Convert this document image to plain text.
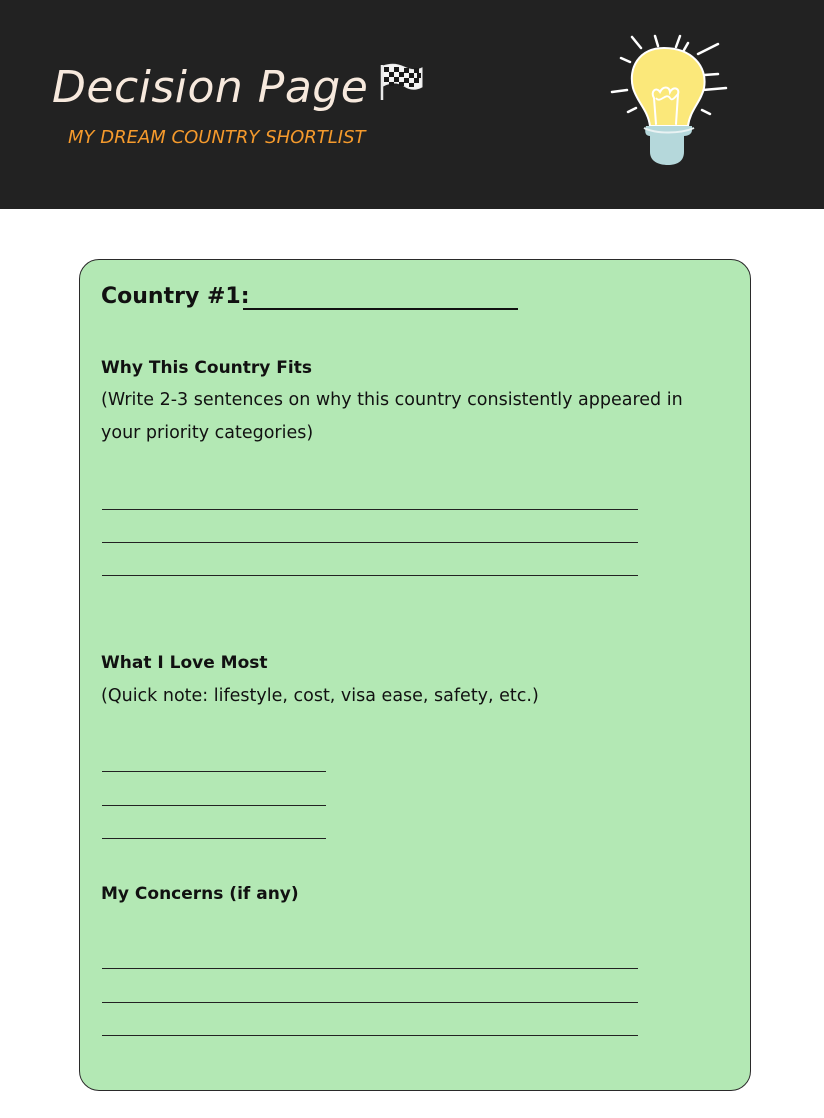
Decision Page
MY DREAM COUNTRY SHORTLIST
Country #1:
Why This Country Fits
(Write 2-3 sentences on why this country consistently appeared in your priority categories)
What I Love Most
(Quick note: lifestyle, cost, visa ease, safety, etc.)
My Concerns (if any)
